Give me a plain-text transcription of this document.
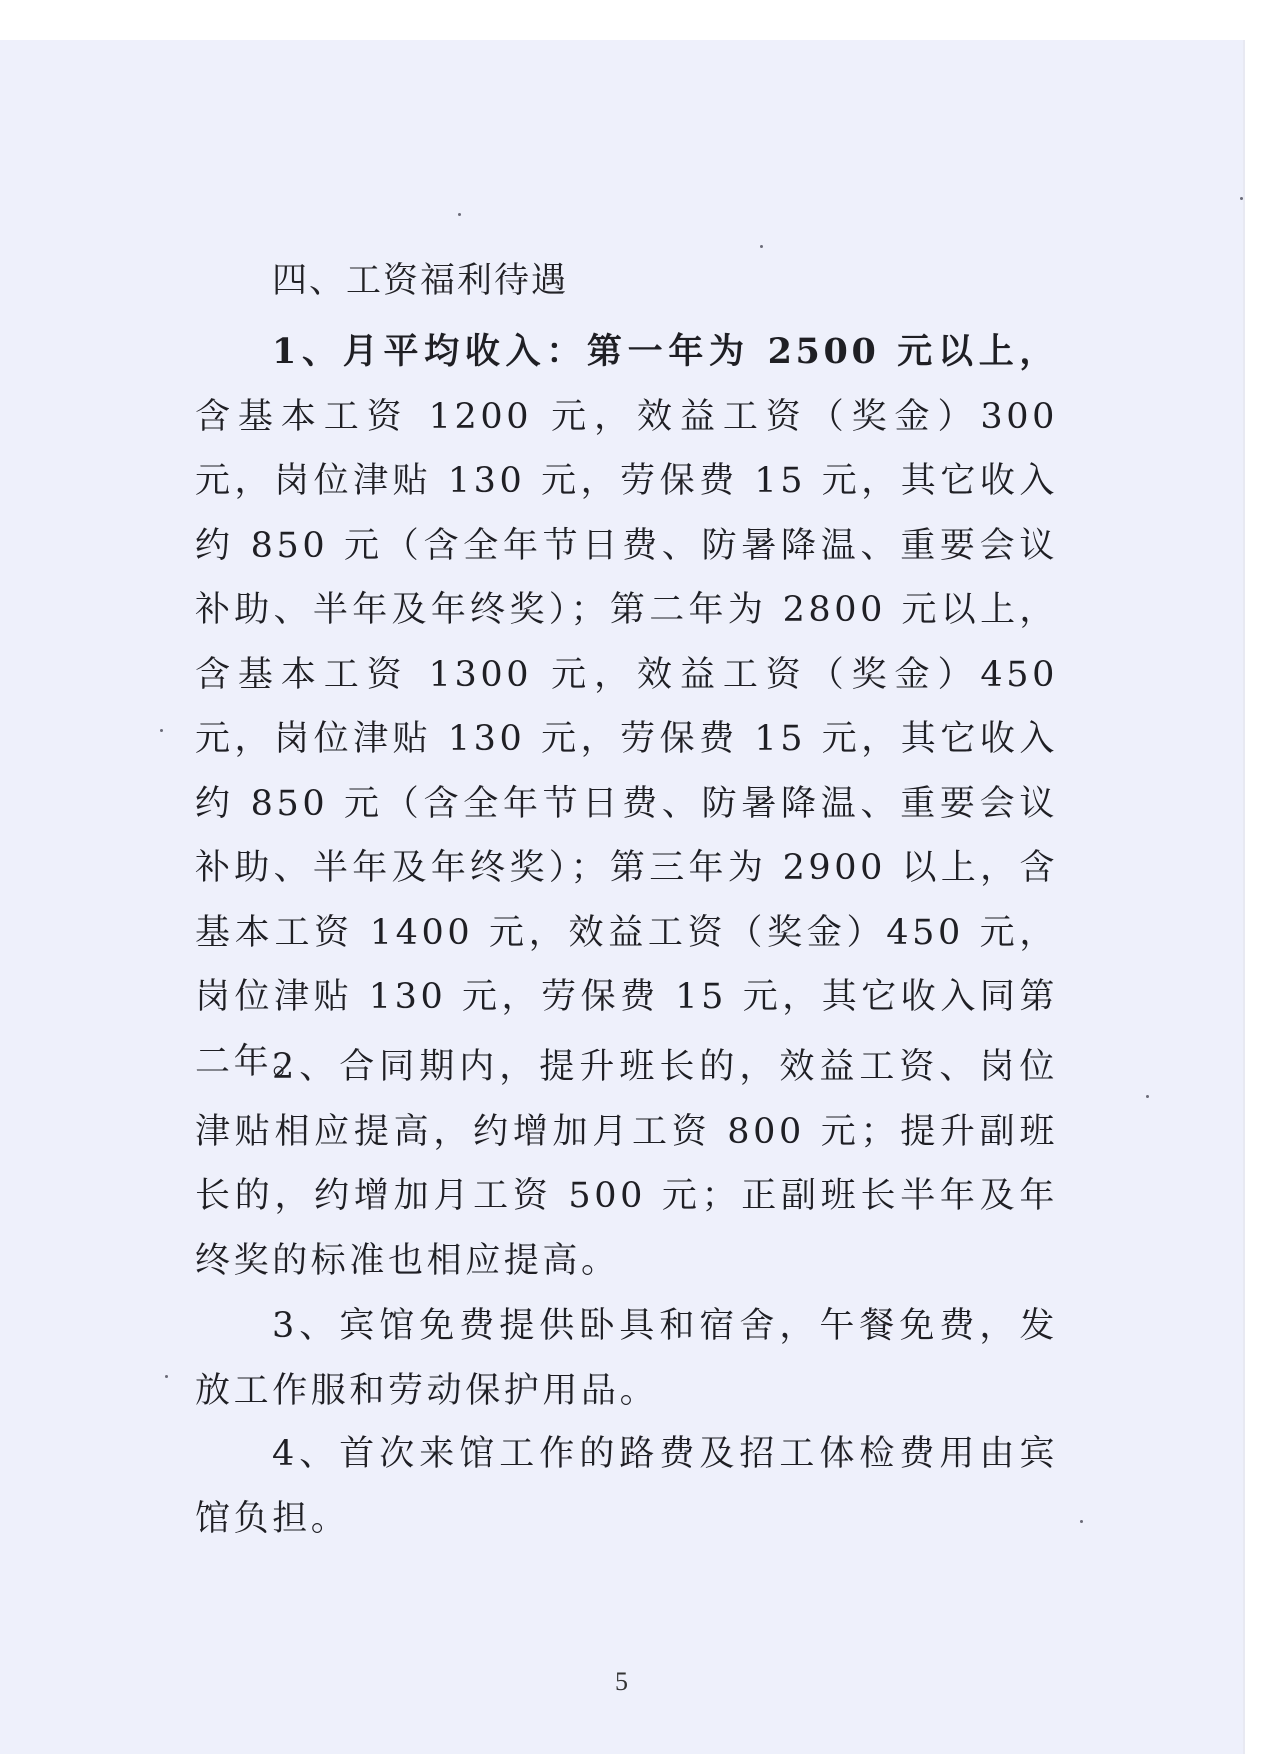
四、工资福利待遇

1、月平均收入：第一年为 2500 元以上，含基本工资 1200 元，效益工资（奖金）300 元，岗位津贴 130 元，劳保费 15 元，其它收入约 850 元（含全年节日费、防暑降温、重要会议补助、半年及年终奖）；第二年为 2800 元以上，含基本工资 1300 元，效益工资（奖金）450 元，岗位津贴 130 元，劳保费 15 元，其它收入约 850 元（含全年节日费、防暑降温、重要会议补助、半年及年终奖）；第三年为 2900 以上，含基本工资 1400 元，效益工资（奖金）450 元，岗位津贴 130 元，劳保费 15 元，其它收入同第二年。

2、合同期内，提升班长的，效益工资、岗位津贴相应提高，约增加月工资 800 元；提升副班长的，约增加月工资 500 元；正副班长半年及年终奖的标准也相应提高。

3、宾馆免费提供卧具和宿舍，午餐免费，发放工作服和劳动保护用品。

4、首次来馆工作的路费及招工体检费用由宾馆负担。

5
